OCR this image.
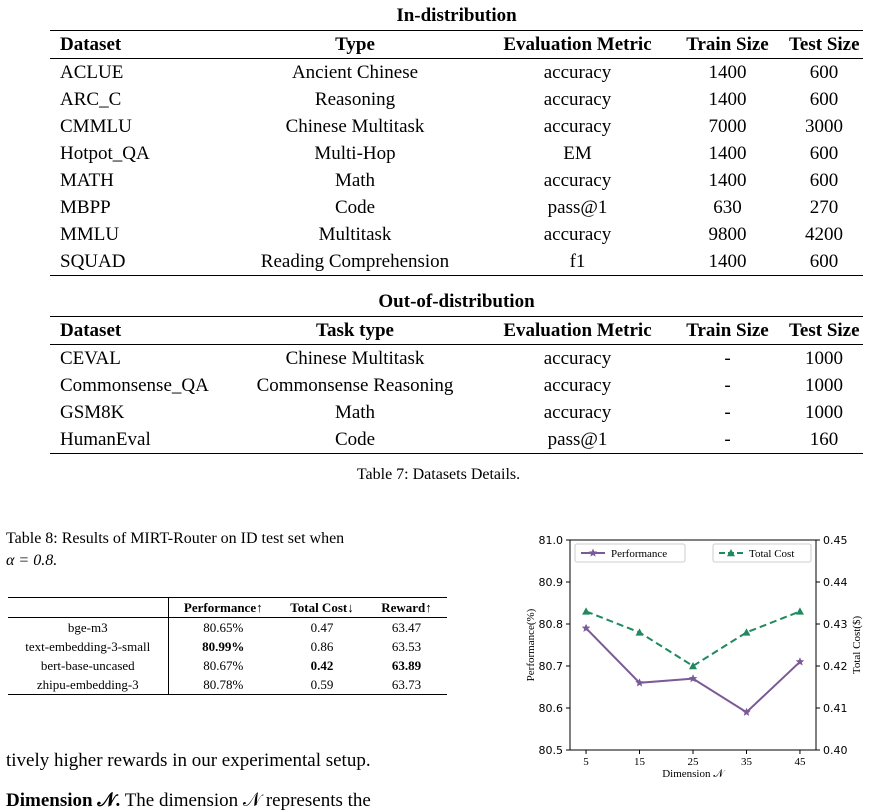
In-distribution				
Dataset	Type	Evaluation Metric	Train Size	Test Size
ACLUE	Ancient Chinese	accuracy	1400	600
ARC_C	Reasoning	accuracy	1400	600
CMMLU	Chinese Multitask	accuracy	7000	3000
Hotpot_QA	Multi-Hop	EM	1400	600
MATH	Math	accuracy	1400	600
MBPP	Code	pass@1	630	270
MMLU	Multitask	accuracy	9800	4200
SQUAD	Reading Comprehension	f1	1400	600
Out-of-distribution				
Dataset	Task type	Evaluation Metric	Train Size	Test Size
CEVAL	Chinese Multitask	accuracy	-	1000
Commonsense_QA	Commonsense Reasoning	accuracy	-	1000
GSM8K	Math	accuracy	-	1000
HumanEval	Code	pass@1	-	160
Table 7: Datasets Details.
Table 8: Results of MIRT-Router on ID test set when
α = 0.8.
	Performance↑	Total Cost↓	Reward↑
bge-m3	80.65%	0.47	63.47
text-embedding-3-small	80.99%	0.86	63.53
bert-base-uncased	80.67%	0.42	63.89
zhipu-embedding-3	80.78%	0.59	63.73
tively higher rewards in our experimental setup.
Dimension 𝒩. The dimension 𝒩 represents the
80.5
80.6
80.7
80.8
80.9
81.0
0.40
0.41
0.42
0.43
0.44
0.45
5	15	25	35	45
Dimension 𝒩
Performance(%)	Total Cost($)
Performance	Total Cost
